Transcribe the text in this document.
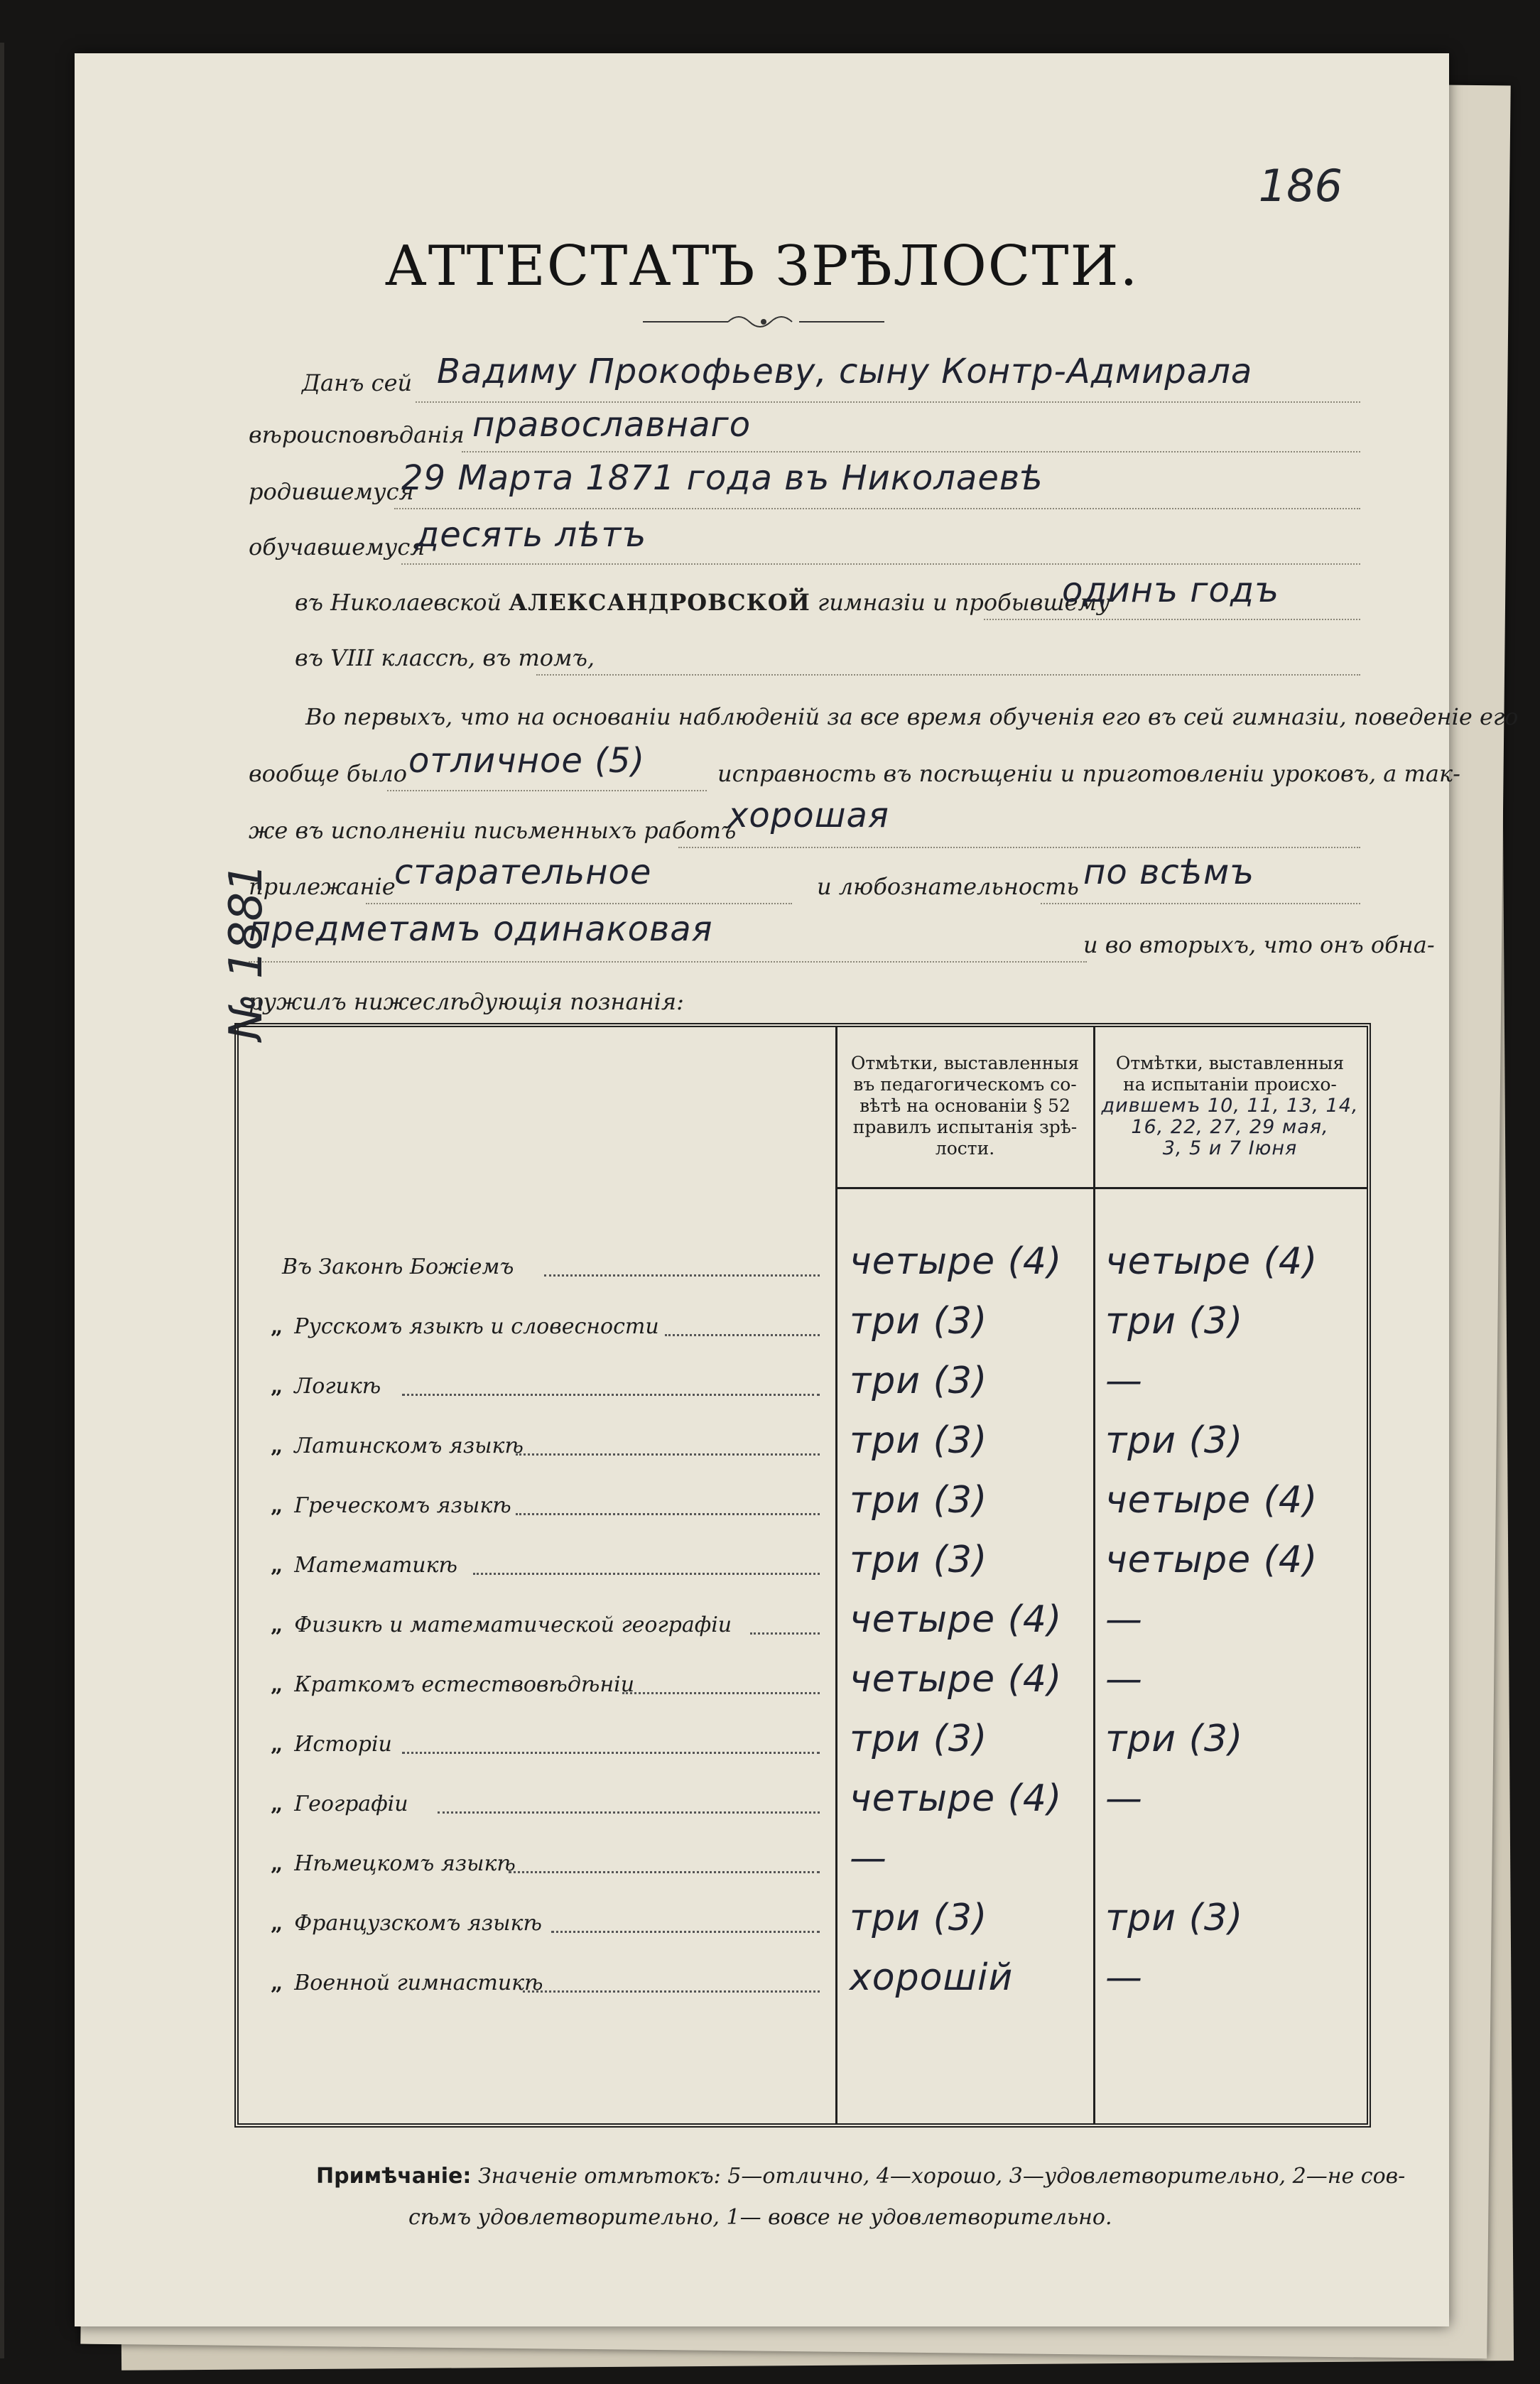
186
АТТЕСТАТЪ ЗРѢЛОСТИ.
Данъ сей Вадиму Прокофьеву, сыну Контр-Адмирала
вѣроисповѣданія православнаго
родившемуся
29 Марта 1871 года въ Николаевѣ
обучавшемуся
десять лѣтъ
въ Николаевской АЛЕКСАНДРОВСКОЙ гимназіи и пробывшему
одинъ годъ
въ VIII классѣ, въ томъ,
Во первыхъ, что на основаніи наблюденій за все время обученія его въ сей гимназіи, поведеніе его
вообще было отличное (5)	исправность въ посѣщеніи и приготовленіи уроковъ, а так-
же въ исполненіи письменныхъ работъ
хорошая
прилежаніе
старательное	и любознательность по всѣмъ
предметамъ одинаковая	и во вторыхъ, что онъ обна-
ружилъ нижеслѣдующія познанія:
№ 1881
Отмѣтки, выставленныя
въ педагогическомъ со-
вѣтѣ на основаніи § 52
правилъ испытанія зрѣ-
лости.
Отмѣтки, выставленныя
на испытаніи происхо-
дившемъ 10, 11, 13, 14,
16, 22, 27, 29 мая,
3, 5 и 7 Іюня
Въ Законѣ Божіемъ	четыре (4) четыре (4)
„ Русскомъ языкѣ и словесности	три (3)	три (3)
„ Логикѣ	три (3)	—
„ Латинскомъ языкѣ	три (3)	три (3)
„ Греческомъ языкѣ	три (3)	четыре (4)
„ Математикѣ	три (3)	четыре (4)
„ Физикѣ и математической географіи	четыре (4) —
„ Краткомъ естествовѣдѣніи	четыре (4) —
„ Исторіи	три (3)	три (3)
„ Географіи	четыре (4) —
„ Нѣмецкомъ языкѣ	—
„ Французскомъ языкѣ	три (3)	три (3)
„ Военной гимнастикѣ	хорошій —
Примѣчаніе: Значеніе отмѣтокъ: 5—отлично, 4—хорошо, 3—удовлетворительно, 2—не сов-
сѣмъ удовлетворительно, 1— вовсе не удовлетворительно.
